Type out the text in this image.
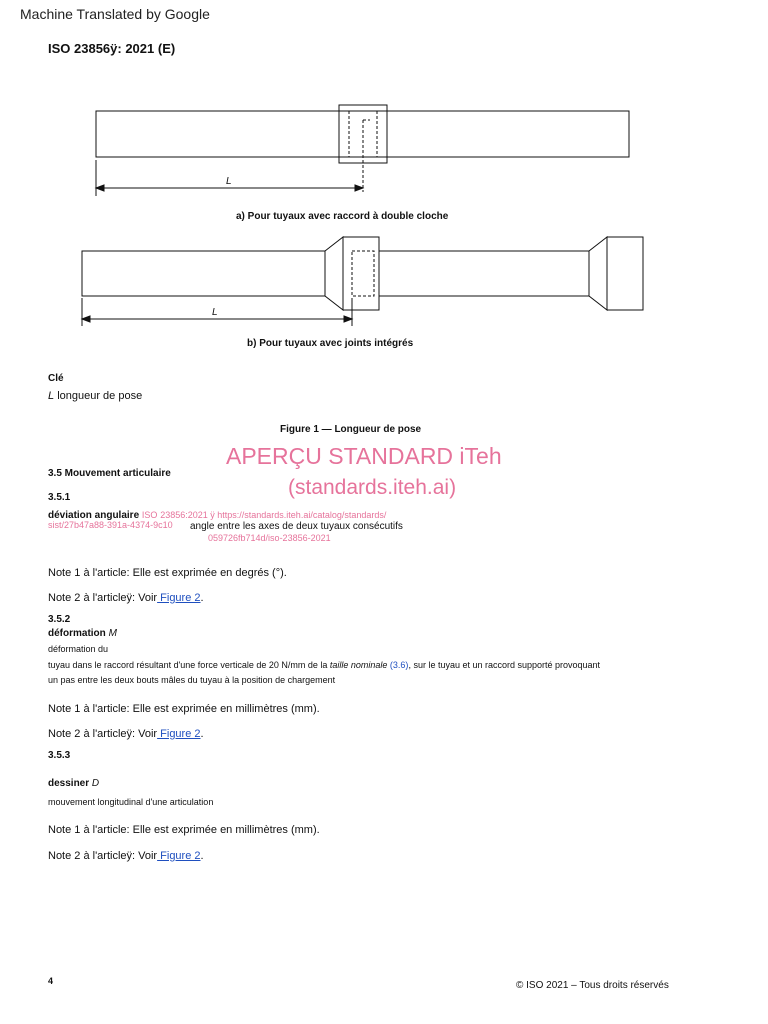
Machine Translated by Google
ISO 23856ÿ: 2021 (E)
L
L
a) Pour tuyaux avec raccord à double cloche
b) Pour tuyaux avec joints intégrés
Clé
L longueur de pose
Figure 1 — Longueur de pose
APERÇU STANDARD iTeh
(standards.iteh.ai)
3.5 Mouvement articulaire
3.5.1
déviation angulaire ISO 23856:2021 ÿ https://standards.iteh.ai/catalog/standards/
sist/27b47a88-391a-4374-9c10 angle entre les axes de deux tuyaux consécutifs
059726fb714d/iso-23856-2021
Note 1 à l'article: Elle est exprimée en degrés (°).
Note 2 à l'articleÿ: Voir Figure 2.
3.5.2
déformation M
déformation du
tuyau dans le raccord résultant d'une force verticale de 20 N/mm de la taille nominale (3.6), sur le tuyau et un raccord supporté provoquant
un pas entre les deux bouts mâles du tuyau à la position de chargement
Note 1 à l'article: Elle est exprimée en millimètres (mm).
Note 2 à l'articleÿ: Voir Figure 2.
3.5.3
dessiner D
mouvement longitudinal d'une articulation
Note 1 à l'article: Elle est exprimée en millimètres (mm).
Note 2 à l'articleÿ: Voir Figure 2.
4	© ISO 2021 – Tous droits réservés
